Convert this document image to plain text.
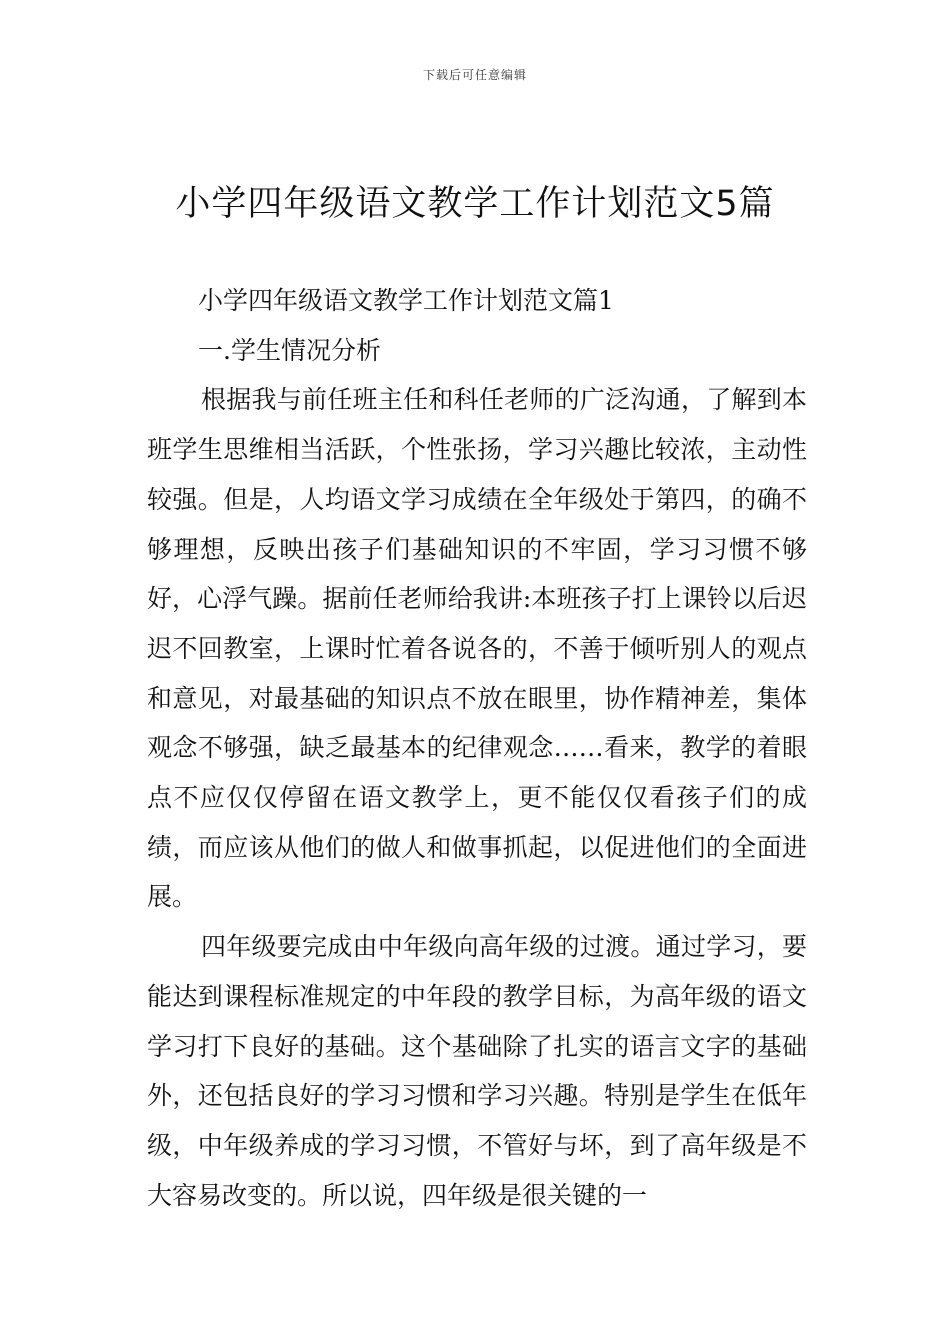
下载后可任意编辑
小学四年级语文教学工作计划范文5篇

小学四年级语文教学工作计划范文篇1

一.学生情况分析

根据我与前任班主任和科任老师的广泛沟通，了解到本班学生思维相当活跃，个性张扬，学习兴趣比较浓，主动性较强。但是，人均语文学习成绩在全年级处于第四，的确不够理想，反映出孩子们基础知识的不牢固，学习习惯不够好，心浮气躁。据前任老师给我讲:本班孩子打上课铃以后迟迟不回教室，上课时忙着各说各的，不善于倾听别人的观点和意见，对最基础的知识点不放在眼里，协作精神差，集体观念不够强，缺乏最基本的纪律观念……看来，教学的着眼点不应仅仅停留在语文教学上，更不能仅仅看孩子们的成绩，而应该从他们的做人和做事抓起，以促进他们的全面进展。

四年级要完成由中年级向高年级的过渡。通过学习，要能达到课程标准规定的中年段的教学目标，为高年级的语文学习打下良好的基础。这个基础除了扎实的语言文字的基础外，还包括良好的学习习惯和学习兴趣。特别是学生在低年级，中年级养成的学习习惯，不管好与坏，到了高年级是不大容易改变的。所以说，四年级是很关键的一
